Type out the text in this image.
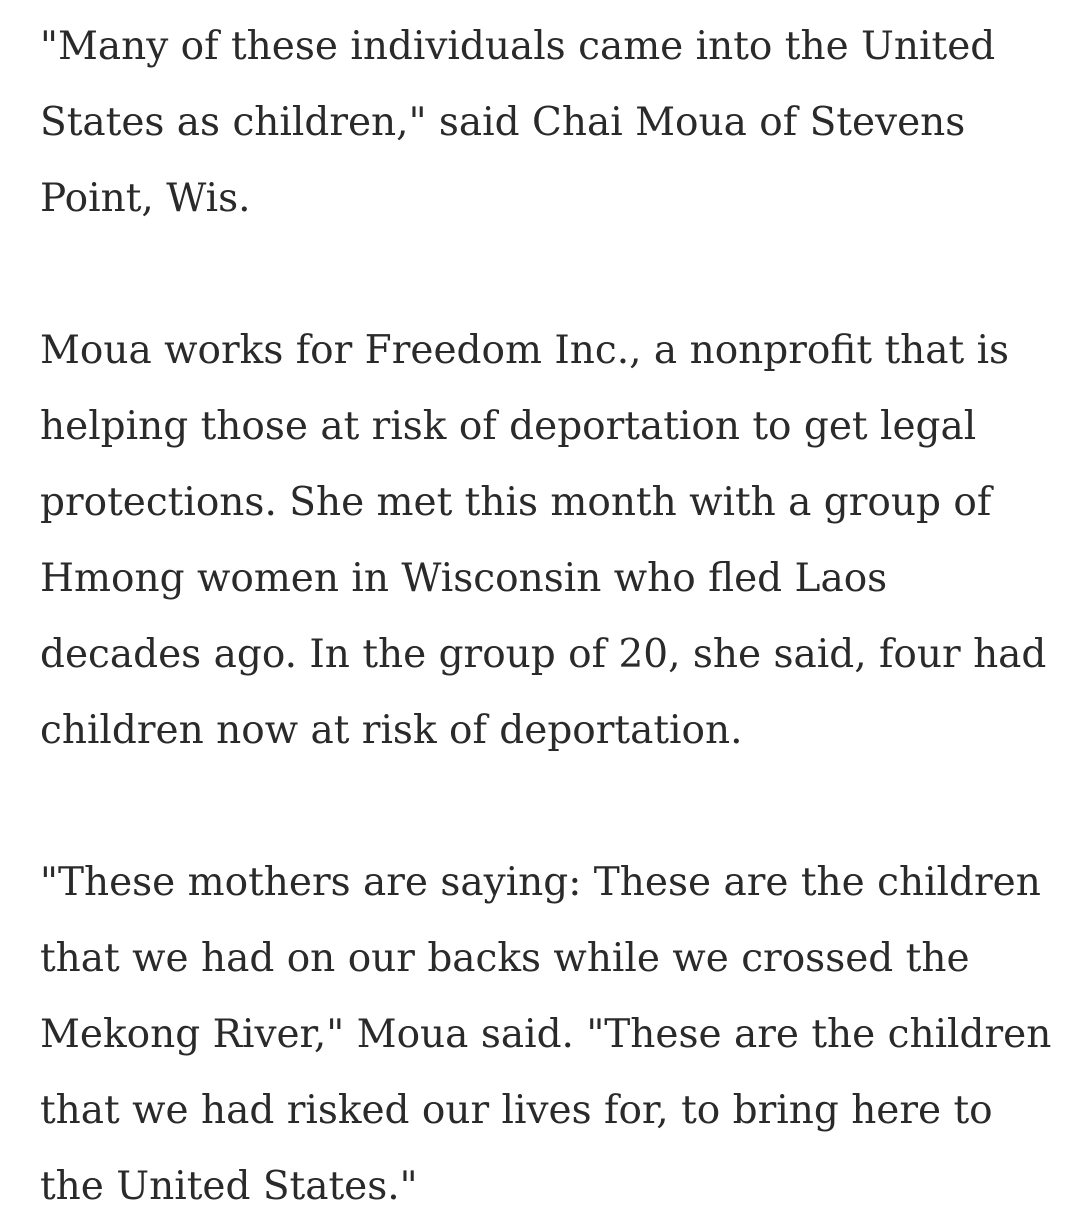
"Many of these individuals came into the United
States as children," said Chai Moua of Stevens
Point, Wis.

Moua works for Freedom Inc., a nonprofit that is
helping those at risk of deportation to get legal
protections. She met this month with a group of
Hmong women in Wisconsin who fled Laos
decades ago. In the group of 20, she said, four had
children now at risk of deportation.

"These mothers are saying: These are the children
that we had on our backs while we crossed the
Mekong River," Moua said. "These are the children
that we had risked our lives for, to bring here to
the United States."
